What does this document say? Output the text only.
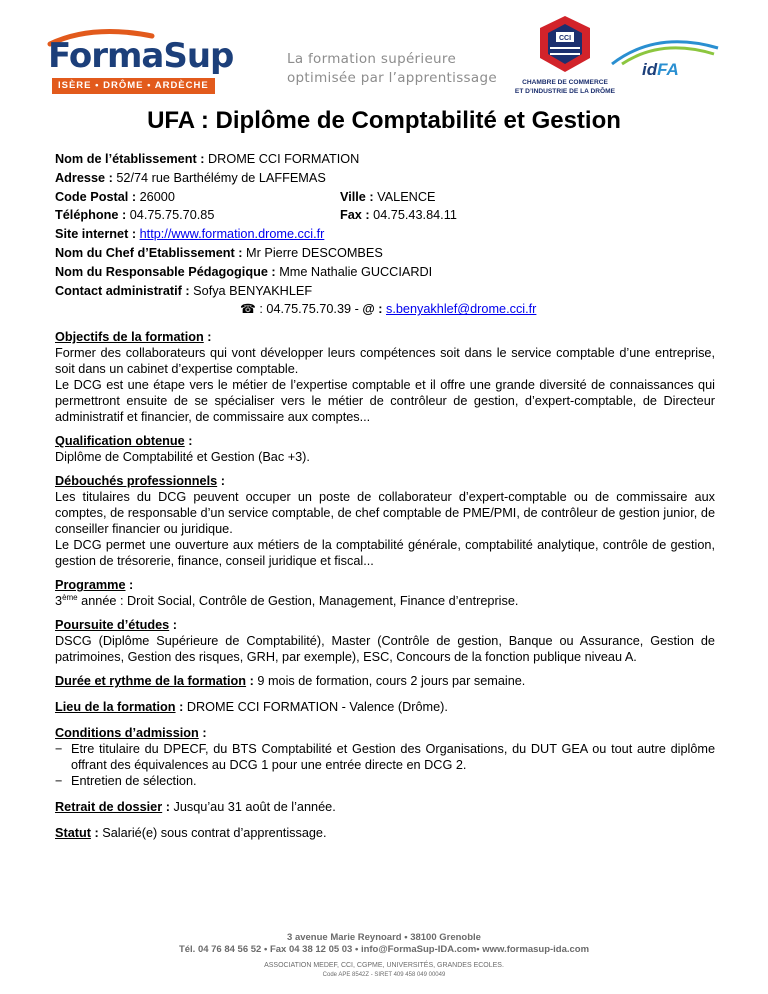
FormaSup
ISÈRE • DRÔME • ARDÈCHE
La formation supérieure
optimisée par l’apprentissage
CCI
CHAMBRE DE COMMERCE
ET D’INDUSTRIE DE LA DRÔME
idFA
UFA : Diplôme de Comptabilité et Gestion
Nom de l’établissement : DROME CCI FORMATION
Adresse : 52/74 rue Barthélémy de LAFFEMAS
Code Postal : 26000	Ville : VALENCE
Téléphone : 04.75.75.70.85	Fax : 04.75.43.84.11
Site internet : http://www.formation.drome.cci.fr
Nom du Chef d’Etablissement : Mr Pierre DESCOMBES
Nom du Responsable Pédagogique : Mme Nathalie GUCCIARDI
Contact administratif : Sofya BENYAKHLEF
☎ : 04.75.75.70.39 - @ : s.benyakhlef@drome.cci.fr
Objectifs de la formation :
Former des collaborateurs qui vont développer leurs compétences soit dans le service comptable d’une entreprise, soit dans un cabinet d’expertise comptable.
Le DCG est une étape vers le métier de l’expertise comptable et il offre une grande diversité de connaissances qui permettront ensuite de se spécialiser vers le métier de contrôleur de gestion, d’expert-comptable, de Directeur administratif et financier, de commissaire aux comptes...
Qualification obtenue :
Diplôme de Comptabilité et Gestion (Bac +3).
Débouchés professionnels :
Les titulaires du DCG peuvent occuper un poste de collaborateur d’expert-comptable ou de commissaire aux comptes, de responsable d’un service comptable, de chef comptable de PME/PMI, de contrôleur de gestion junior, de conseiller financier ou juridique.
Le DCG permet une ouverture aux métiers de la comptabilité générale, comptabilité analytique, contrôle de gestion, gestion de trésorerie, finance, conseil juridique et fiscal...
Programme :
3ème année : Droit Social, Contrôle de Gestion, Management, Finance d’entreprise.
Poursuite d’études :
DSCG (Diplôme Supérieure de Comptabilité), Master (Contrôle de gestion, Banque ou Assurance, Gestion de patrimoines, Gestion des risques, GRH, par exemple), ESC, Concours de la fonction publique niveau A.
Durée et rythme de la formation : 9 mois de formation, cours 2 jours par semaine.
Lieu de la formation : DROME CCI FORMATION - Valence (Drôme).
Conditions d’admission :
− Etre titulaire du DPECF, du BTS Comptabilité et Gestion des Organisations, du DUT GEA ou tout autre diplôme offrant des équivalences au DCG 1 pour une entrée directe en DCG 2.
− Entretien de sélection.
Retrait de dossier : Jusqu’au 31 août de l’année.
Statut : Salarié(e) sous contrat d’apprentissage.
3 avenue Marie Reynoard • 38100 Grenoble
Tél. 04 76 84 56 52 • Fax 04 38 12 05 03 • info@FormaSup-IDA.com• www.formasup-ida.com
ASSOCIATION MEDEF, CCI, CGPME, UNIVERSITÉS, GRANDES ECOLES.
Code APE 8542Z - SIRET 409 458 049 00049
